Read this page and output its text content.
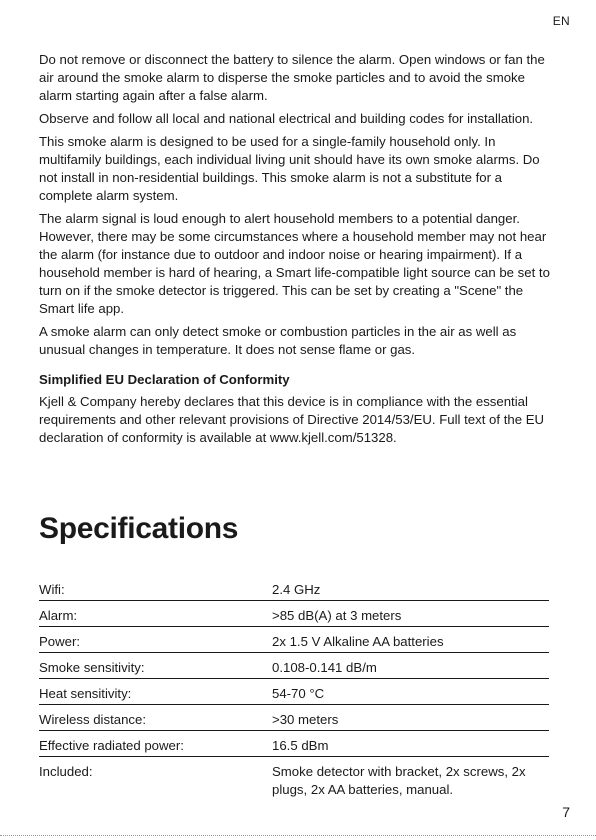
EN

Do not remove or disconnect the battery to silence the alarm. Open windows or fan the air around the smoke alarm to disperse the smoke particles and to avoid the smoke alarm starting again after a false alarm.

Observe and follow all local and national electrical and building codes for installation.

This smoke alarm is designed to be used for a single-family household only. In multifamily buildings, each individual living unit should have its own smoke alarms. Do not install in non-residential buildings. This smoke alarm is not a substitute for a complete alarm system.

The alarm signal is loud enough to alert household members to a potential danger. However, there may be some circumstances where a household member may not hear the alarm (for instance due to outdoor and indoor noise or hearing impairment). If a household member is hard of hearing, a Smart life-compatible light source can be set to turn on if the smoke detector is triggered. This can be set by creating a "Scene" the Smart life app.

A smoke alarm can only detect smoke or combustion particles in the air as well as unusual changes in temperature. It does not sense flame or gas.

Simplified EU Declaration of Conformity

Kjell & Company hereby declares that this device is in compliance with the essential requirements and other relevant provisions of Directive 2014/53/EU. Full text of the EU declaration of conformity is available at www.kjell.com/51328.

Specifications
Wifi:	2.4 GHz
Alarm:	>85 dB(A) at 3 meters
Power:	2x 1.5 V Alkaline AA batteries
Smoke sensitivity:	0.108-0.141 dB/m
Heat sensitivity:	54-70 °C
Wireless distance:	>30 meters
Effective radiated power:	16.5 dBm
Included:	Smoke detector with bracket, 2x screws, 2x plugs, 2x AA batteries, manual.
7
